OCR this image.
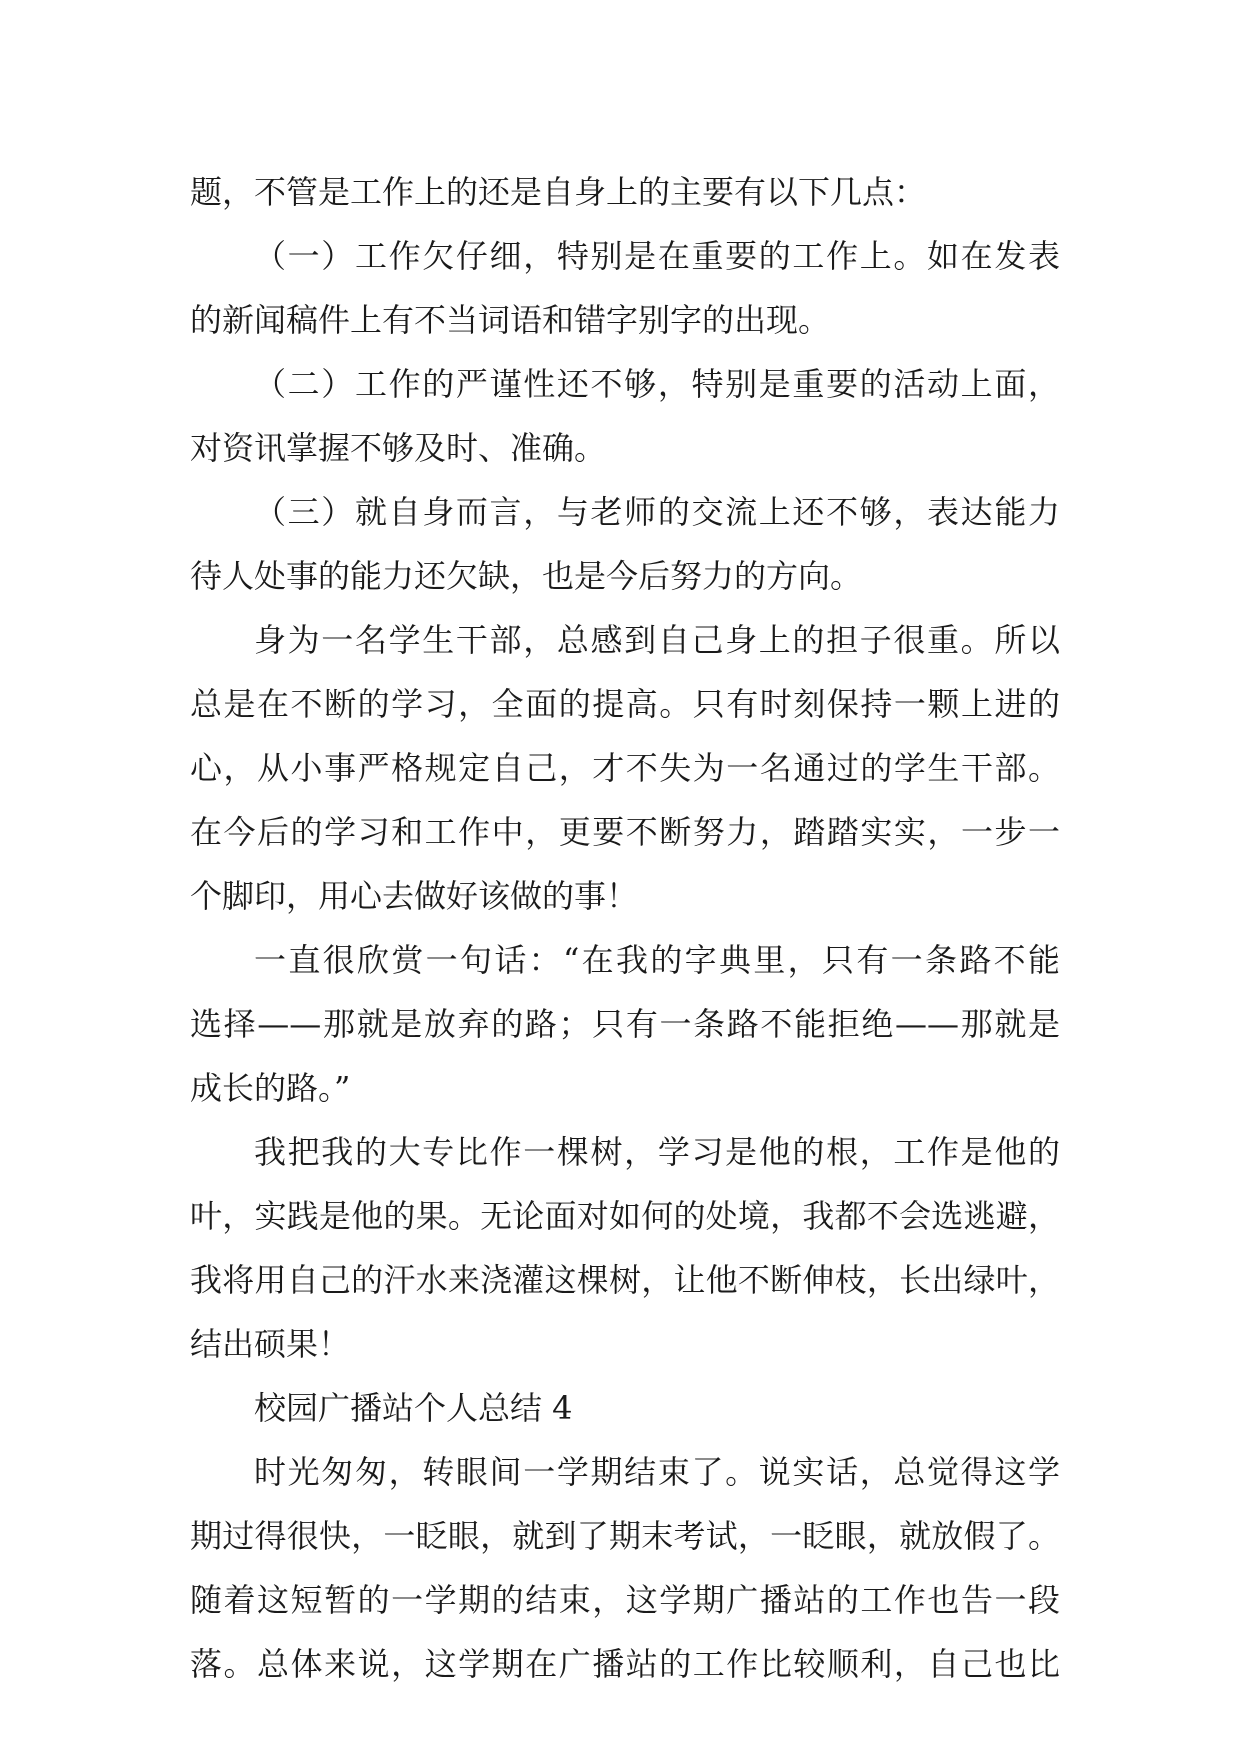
题，不管是工作上的还是自身上的主要有以下几点：
（一）工作欠仔细，特别是在重要的工作上。如在发表
的新闻稿件上有不当词语和错字别字的出现。
（二）工作的严谨性还不够，特别是重要的活动上面，
对资讯掌握不够及时、准确。
（三）就自身而言，与老师的交流上还不够，表达能力
待人处事的能力还欠缺，也是今后努力的方向。
身为一名学生干部，总感到自己身上的担子很重。所以
总是在不断的学习，全面的提高。只有时刻保持一颗上进的
心，从小事严格规定自己，才不失为一名通过的学生干部。
在今后的学习和工作中，更要不断努力，踏踏实实，一步一
个脚印，用心去做好该做的事！
一直很欣赏一句话：“在我的字典里，只有一条路不能
选择——那就是放弃的路；只有一条路不能拒绝——那就是
成长的路。”
我把我的大专比作一棵树，学习是他的根，工作是他的
叶，实践是他的果。无论面对如何的处境，我都不会选逃避，
我将用自己的汗水来浇灌这棵树，让他不断伸枝，长出绿叶，
结出硕果！
校园广播站个人总结 4
时光匆匆，转眼间一学期结束了。说实话，总觉得这学
期过得很快，一眨眼，就到了期末考试，一眨眼，就放假了。
随着这短暂的一学期的结束，这学期广播站的工作也告一段
落。总体来说，这学期在广播站的工作比较顺利，自己也比
